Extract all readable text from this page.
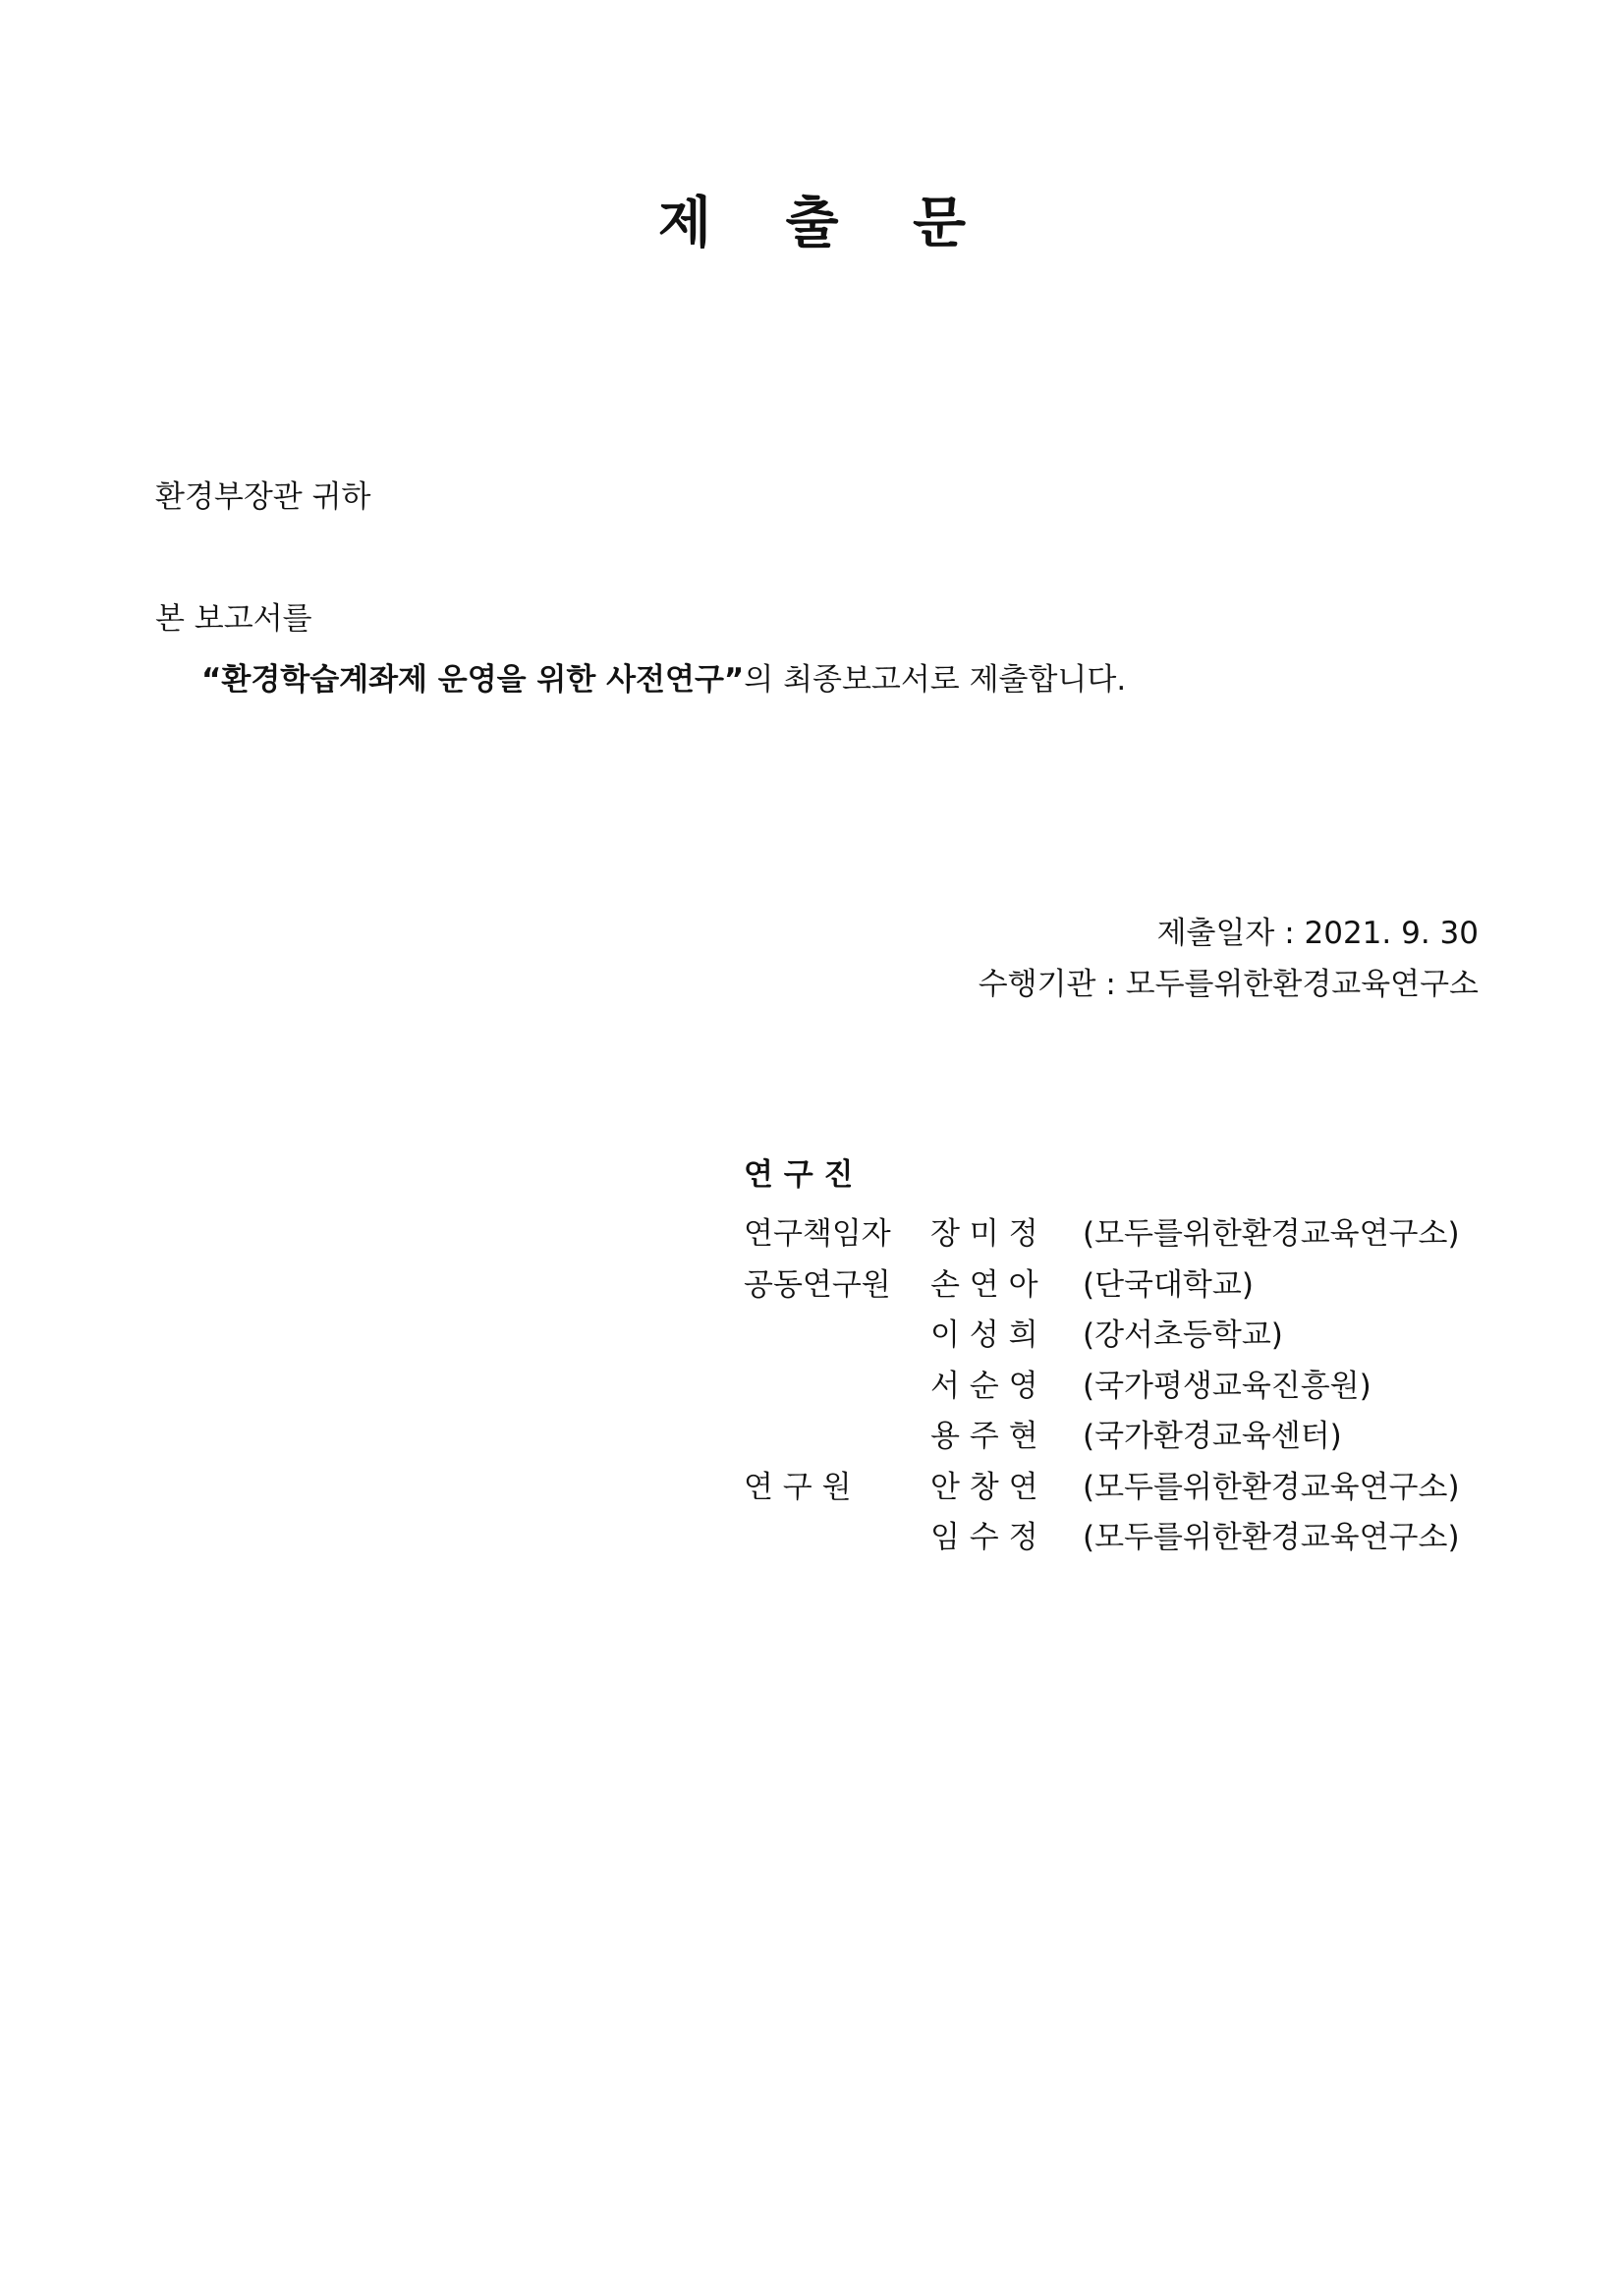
제 출 문
환경부장관 귀하
본 보고서를
“환경학습계좌제 운영을 위한 사전연구”의 최종보고서로 제출합니다.
제출일자 : 2021. 9. 30
수행기관 : 모두를위한환경교육연구소
연 구 진
연구책임자	장 미 정	(모두를위한환경교육연구소)
공동연구원	손 연 아	(단국대학교)
	이 성 희	(강서초등학교)
	서 순 영	(국가평생교육진흥원)
	용 주 현	(국가환경교육센터)
연 구 원	안 창 연	(모두를위한환경교육연구소)
	임 수 정	(모두를위한환경교육연구소)
